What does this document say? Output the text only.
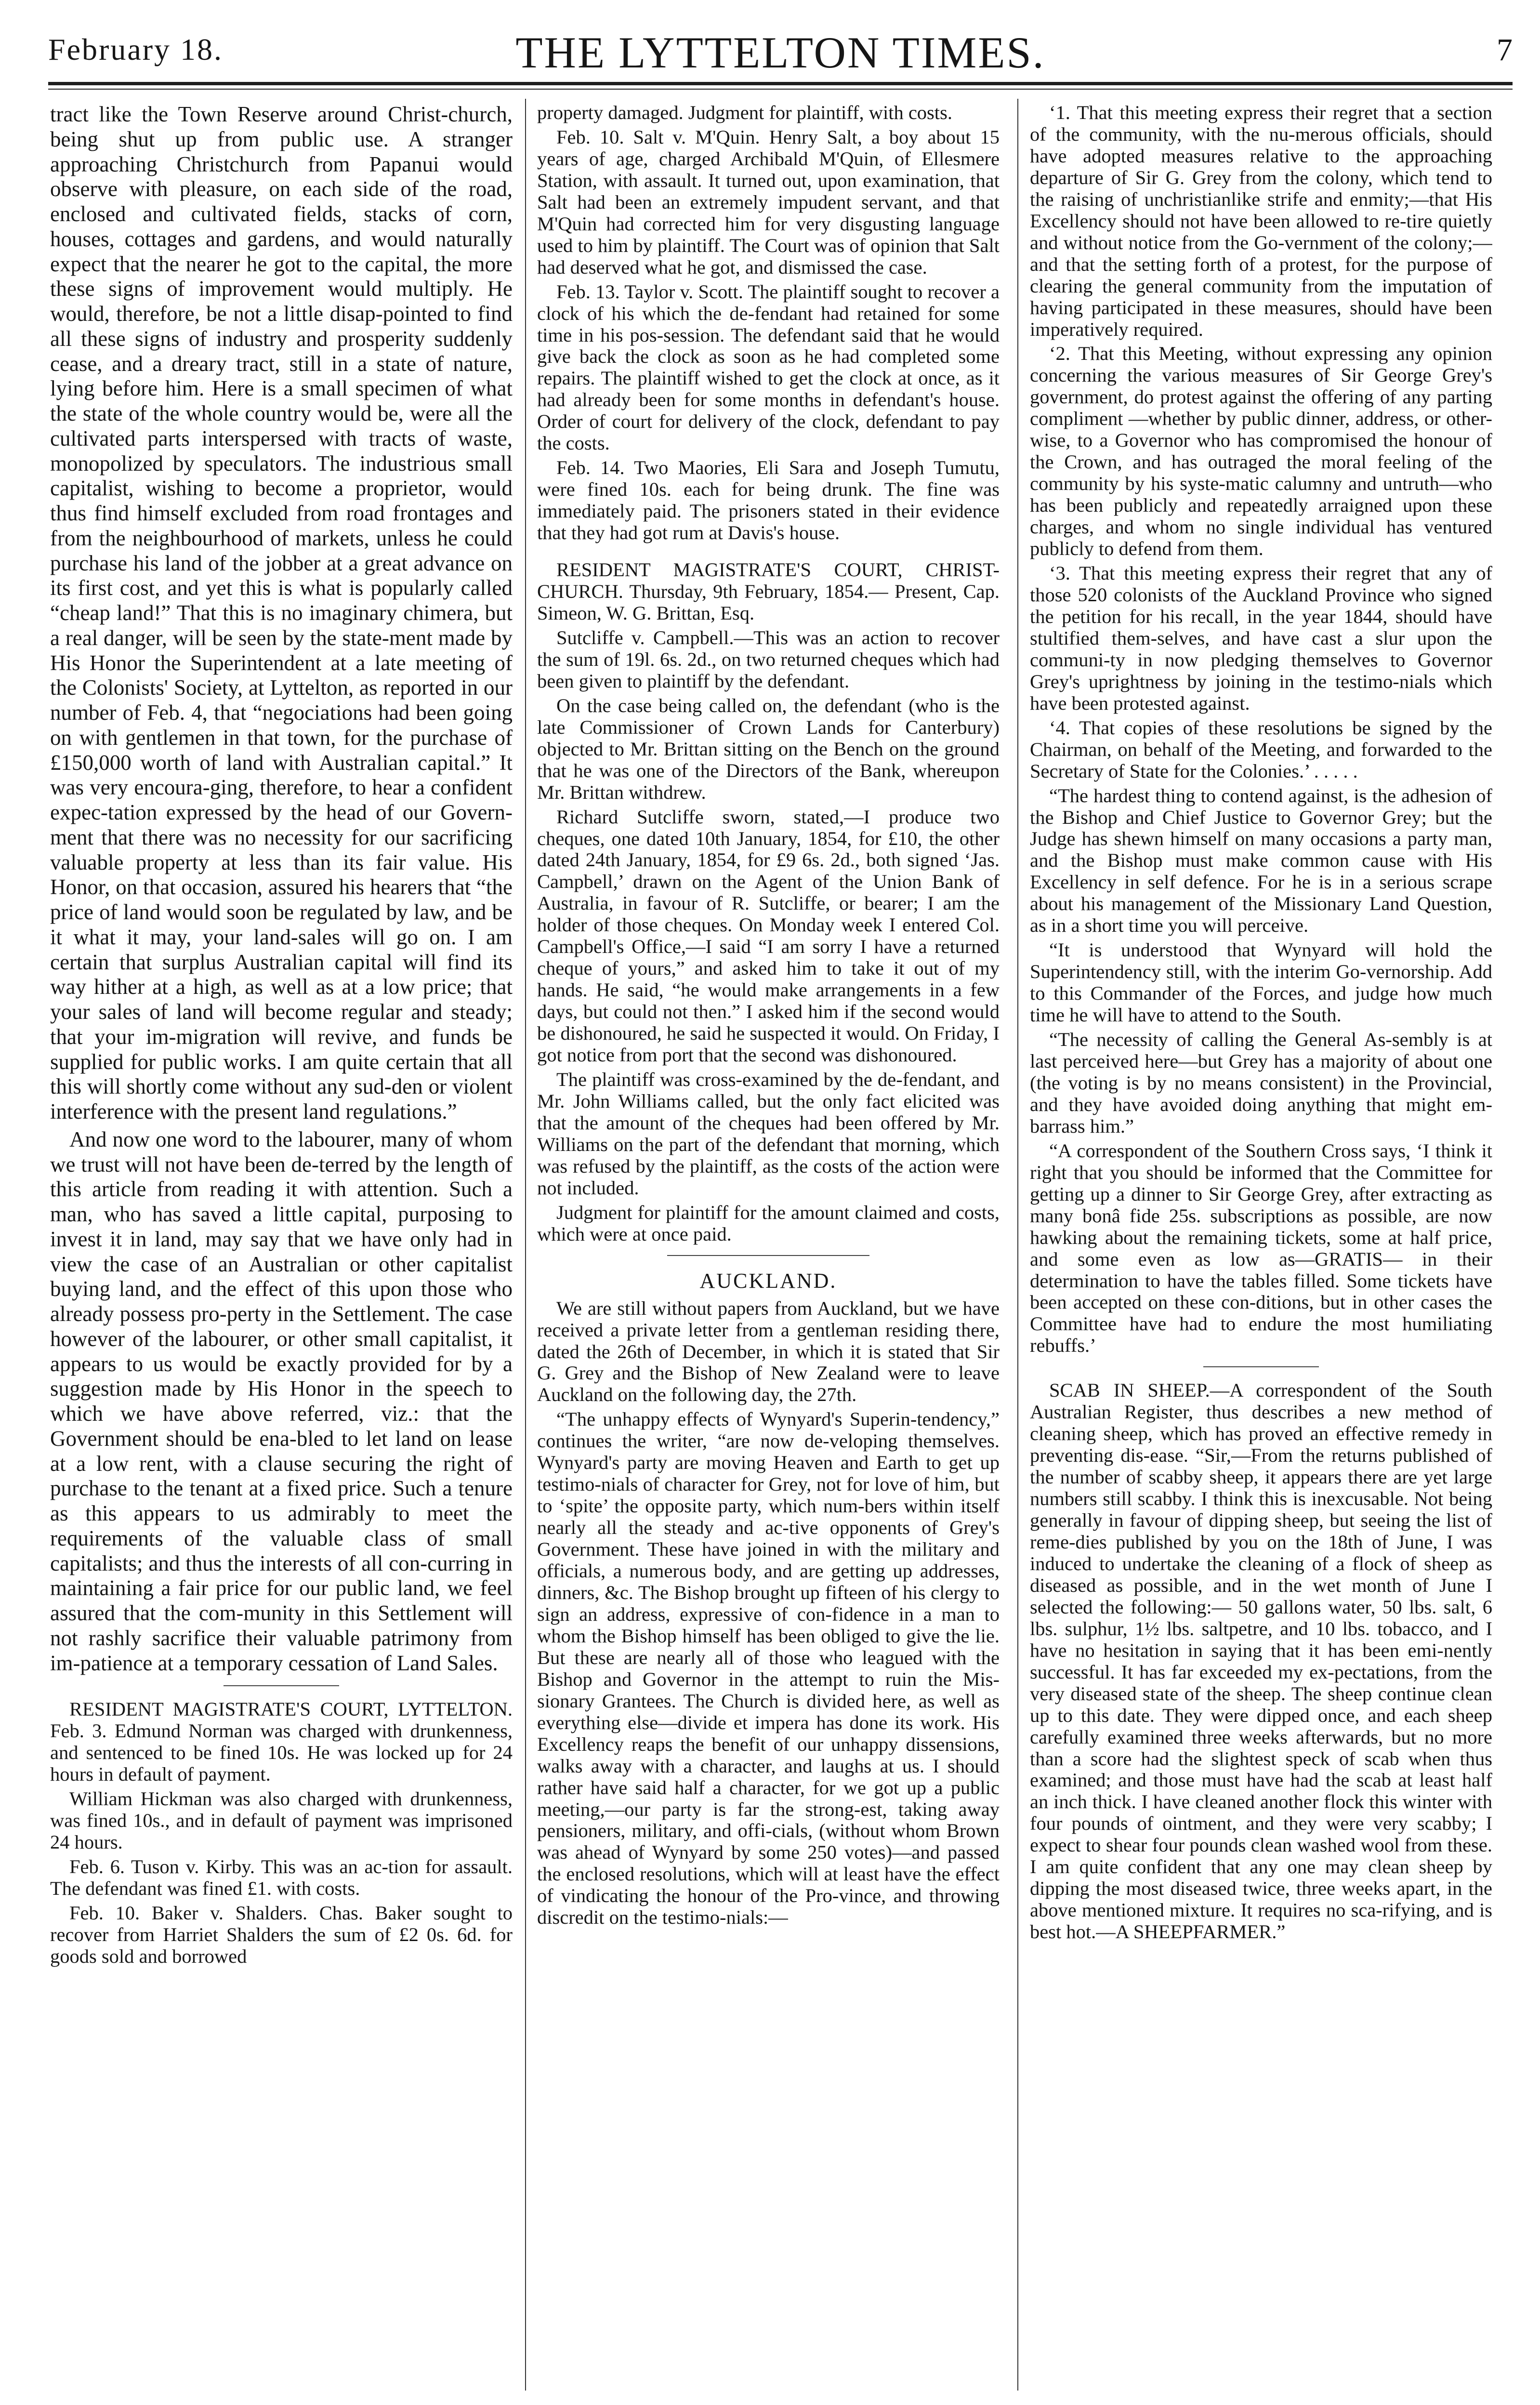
February 18.	THE LYTTELTON TIMES.	7

tract like the Town Reserve around Christ-church, being shut up from public use. A stranger approaching Christchurch from Papanui would observe with pleasure, on each side of the road, enclosed and cultivated fields, stacks of corn, houses, cottages and gardens, and would naturally expect that the nearer he got to the capital, the more these signs of improvement would multiply. He would, therefore, be not a little disap-pointed to find all these signs of industry and prosperity suddenly cease, and a dreary tract, still in a state of nature, lying before him. Here is a small specimen of what the state of the whole country would be, were all the cultivated parts interspersed with tracts of waste, monopolized by speculators. The industrious small capitalist, wishing to become a proprietor, would thus find himself excluded from road frontages and from the neighbourhood of markets, unless he could purchase his land of the jobber at a great advance on its first cost, and yet this is what is popularly called “cheap land!” That this is no imaginary chimera, but a real danger, will be seen by the state-ment made by His Honor the Superintendent at a late meeting of the Colonists' Society, at Lyttelton, as reported in our number of Feb. 4, that “negociations had been going on with gentlemen in that town, for the purchase of £150,000 worth of land with Australian capital.” It was very encoura-ging, therefore, to hear a confident expec-tation expressed by the head of our Govern-ment that there was no necessity for our sacrificing valuable property at less than its fair value. His Honor, on that occasion, assured his hearers that “the price of land would soon be regulated by law, and be it what it may, your land-sales will go on. I am certain that surplus Australian capital will find its way hither at a high, as well as at a low price; that your sales of land will become regular and steady; that your im-migration will revive, and funds be supplied for public works. I am quite certain that all this will shortly come without any sud-den or violent interference with the present land regulations.”

And now one word to the labourer, many of whom we trust will not have been de-terred by the length of this article from reading it with attention. Such a man, who has saved a little capital, purposing to invest it in land, may say that we have only had in view the case of an Australian or other capitalist buying land, and the effect of this upon those who already possess pro-perty in the Settlement. The case however of the labourer, or other small capitalist, it appears to us would be exactly provided for by a suggestion made by His Honor in the speech to which we have above referred, viz.: that the Government should be ena-bled to let land on lease at a low rent, with a clause securing the right of purchase to the tenant at a fixed price. Such a tenure as this appears to us admirably to meet the requirements of the valuable class of small capitalists; and thus the interests of all con-curring in maintaining a fair price for our public land, we feel assured that the com-munity in this Settlement will not rashly sacrifice their valuable patrimony from im-patience at a temporary cessation of Land Sales.

RESIDENT MAGISTRATE'S COURT, LYTTELTON. Feb. 3. Edmund Norman was charged with drunkenness, and sentenced to be fined 10s. He was locked up for 24 hours in default of payment.

William Hickman was also charged with drunkenness, was fined 10s., and in default of payment was imprisoned 24 hours.

Feb. 6. Tuson v. Kirby. This was an ac-tion for assault. The defendant was fined £1. with costs.

Feb. 10. Baker v. Shalders. Chas. Baker sought to recover from Harriet Shalders the sum of £2 0s. 6d. for goods sold and borrowed

property damaged. Judgment for plaintiff, with costs.

Feb. 10. Salt v. M'Quin. Henry Salt, a boy about 15 years of age, charged Archibald M'Quin, of Ellesmere Station, with assault. It turned out, upon examination, that Salt had been an extremely impudent servant, and that M'Quin had corrected him for very disgusting language used to him by plaintiff. The Court was of opinion that Salt had deserved what he got, and dismissed the case.

Feb. 13. Taylor v. Scott. The plaintiff sought to recover a clock of his which the de-fendant had retained for some time in his pos-session. The defendant said that he would give back the clock as soon as he had completed some repairs. The plaintiff wished to get the clock at once, as it had already been for some months in defendant's house. Order of court for delivery of the clock, defendant to pay the costs.

Feb. 14. Two Maories, Eli Sara and Joseph Tumutu, were fined 10s. each for being drunk. The fine was immediately paid. The prisoners stated in their evidence that they had got rum at Davis's house.

RESIDENT MAGISTRATE'S COURT, CHRIST-CHURCH. Thursday, 9th February, 1854.— Present, Cap. Simeon, W. G. Brittan, Esq.

Sutcliffe v. Campbell.—This was an action to recover the sum of 19l. 6s. 2d., on two returned cheques which had been given to plaintiff by the defendant.

On the case being called on, the defendant (who is the late Commissioner of Crown Lands for Canterbury) objected to Mr. Brittan sitting on the Bench on the ground that he was one of the Directors of the Bank, whereupon Mr. Brittan withdrew.

Richard Sutcliffe sworn, stated,—I produce two cheques, one dated 10th January, 1854, for £10, the other dated 24th January, 1854, for £9 6s. 2d., both signed ‘Jas. Campbell,’ drawn on the Agent of the Union Bank of Australia, in favour of R. Sutcliffe, or bearer; I am the holder of those cheques. On Monday week I entered Col. Campbell's Office,—I said “I am sorry I have a returned cheque of yours,” and asked him to take it out of my hands. He said, “he would make arrangements in a few days, but could not then.” I asked him if the second would be dishonoured, he said he suspected it would. On Friday, I got notice from port that the second was dishonoured.

The plaintiff was cross-examined by the de-fendant, and Mr. John Williams called, but the only fact elicited was that the amount of the cheques had been offered by Mr. Williams on the part of the defendant that morning, which was refused by the plaintiff, as the costs of the action were not included.

Judgment for plaintiff for the amount claimed and costs, which were at once paid.

AUCKLAND.

We are still without papers from Auckland, but we have received a private letter from a gentleman residing there, dated the 26th of December, in which it is stated that Sir G. Grey and the Bishop of New Zealand were to leave Auckland on the following day, the 27th.

“The unhappy effects of Wynyard's Superin-tendency,” continues the writer, “are now de-veloping themselves. Wynyard's party are moving Heaven and Earth to get up testimo-nials of character for Grey, not for love of him, but to ‘spite’ the opposite party, which num-bers within itself nearly all the steady and ac-tive opponents of Grey's Government. These have joined in with the military and officials, a numerous body, and are getting up addresses, dinners, &c. The Bishop brought up fifteen of his clergy to sign an address, expressive of con-fidence in a man to whom the Bishop himself has been obliged to give the lie. But these are nearly all of those who leagued with the Bishop and Governor in the attempt to ruin the Mis-sionary Grantees. The Church is divided here, as well as everything else—divide et impera has done its work. His Excellency reaps the benefit of our unhappy dissensions, walks away with a character, and laughs at us. I should rather have said half a character, for we got up a public meeting,—our party is far the strong-est, taking away pensioners, military, and offi-cials, (without whom Brown was ahead of Wynyard by some 250 votes)—and passed the enclosed resolutions, which will at least have the effect of vindicating the honour of the Pro-vince, and throwing discredit on the testimo-nials:—

‘1. That this meeting express their regret that a section of the community, with the nu-merous officials, should have adopted measures relative to the approaching departure of Sir G. Grey from the colony, which tend to the raising of unchristianlike strife and enmity;—that His Excellency should not have been allowed to re-tire quietly and without notice from the Go-vernment of the colony;—and that the setting forth of a protest, for the purpose of clearing the general community from the imputation of having participated in these measures, should have been imperatively required.

‘2. That this Meeting, without expressing any opinion concerning the various measures of Sir George Grey's government, do protest against the offering of any parting compliment —whether by public dinner, address, or other-wise, to a Governor who has compromised the honour of the Crown, and has outraged the moral feeling of the community by his syste-matic calumny and untruth—who has been publicly and repeatedly arraigned upon these charges, and whom no single individual has ventured publicly to defend from them.

‘3. That this meeting express their regret that any of those 520 colonists of the Auckland Province who signed the petition for his recall, in the year 1844, should have stultified them-selves, and have cast a slur upon the communi-ty in now pledging themselves to Governor Grey's uprightness by joining in the testimo-nials which have been protested against.

‘4. That copies of these resolutions be signed by the Chairman, on behalf of the Meeting, and forwarded to the Secretary of State for the Colonies.’ . . . . .

“The hardest thing to contend against, is the adhesion of the Bishop and Chief Justice to Governor Grey; but the Judge has shewn himself on many occasions a party man, and the Bishop must make common cause with His Excellency in self defence. For he is in a serious scrape about his management of the Missionary Land Question, as in a short time you will perceive.

“It is understood that Wynyard will hold the Superintendency still, with the interim Go-vernorship. Add to this Commander of the Forces, and judge how much time he will have to attend to the South.

“The necessity of calling the General As-sembly is at last perceived here—but Grey has a majority of about one (the voting is by no means consistent) in the Provincial, and they have avoided doing anything that might em-barrass him.”

“A correspondent of the Southern Cross says, ‘I think it right that you should be informed that the Committee for getting up a dinner to Sir George Grey, after extracting as many bonâ fide 25s. subscriptions as possible, are now hawking about the remaining tickets, some at half price, and some even as low as—GRATIS— in their determination to have the tables filled. Some tickets have been accepted on these con-ditions, but in other cases the Committee have had to endure the most humiliating rebuffs.’

SCAB IN SHEEP.—A correspondent of the South Australian Register, thus describes a new method of cleaning sheep, which has proved an effective remedy in preventing dis-ease. “Sir,—From the returns published of the number of scabby sheep, it appears there are yet large numbers still scabby. I think this is inexcusable. Not being generally in favour of dipping sheep, but seeing the list of reme-dies published by you on the 18th of June, I was induced to undertake the cleaning of a flock of sheep as diseased as possible, and in the wet month of June I selected the following:— 50 gallons water, 50 lbs. salt, 6 lbs. sulphur, 1½ lbs. saltpetre, and 10 lbs. tobacco, and I have no hesitation in saying that it has been emi-nently successful. It has far exceeded my ex-pectations, from the very diseased state of the sheep. The sheep continue clean up to this date. They were dipped once, and each sheep carefully examined three weeks afterwards, but no more than a score had the slightest speck of scab when thus examined; and those must have had the scab at least half an inch thick. I have cleaned another flock this winter with four pounds of ointment, and they were very scabby; I expect to shear four pounds clean washed wool from these. I am quite confident that any one may clean sheep by dipping the most diseased twice, three weeks apart, in the above mentioned mixture. It requires no sca-rifying, and is best hot.—A SHEEPFARMER.”
